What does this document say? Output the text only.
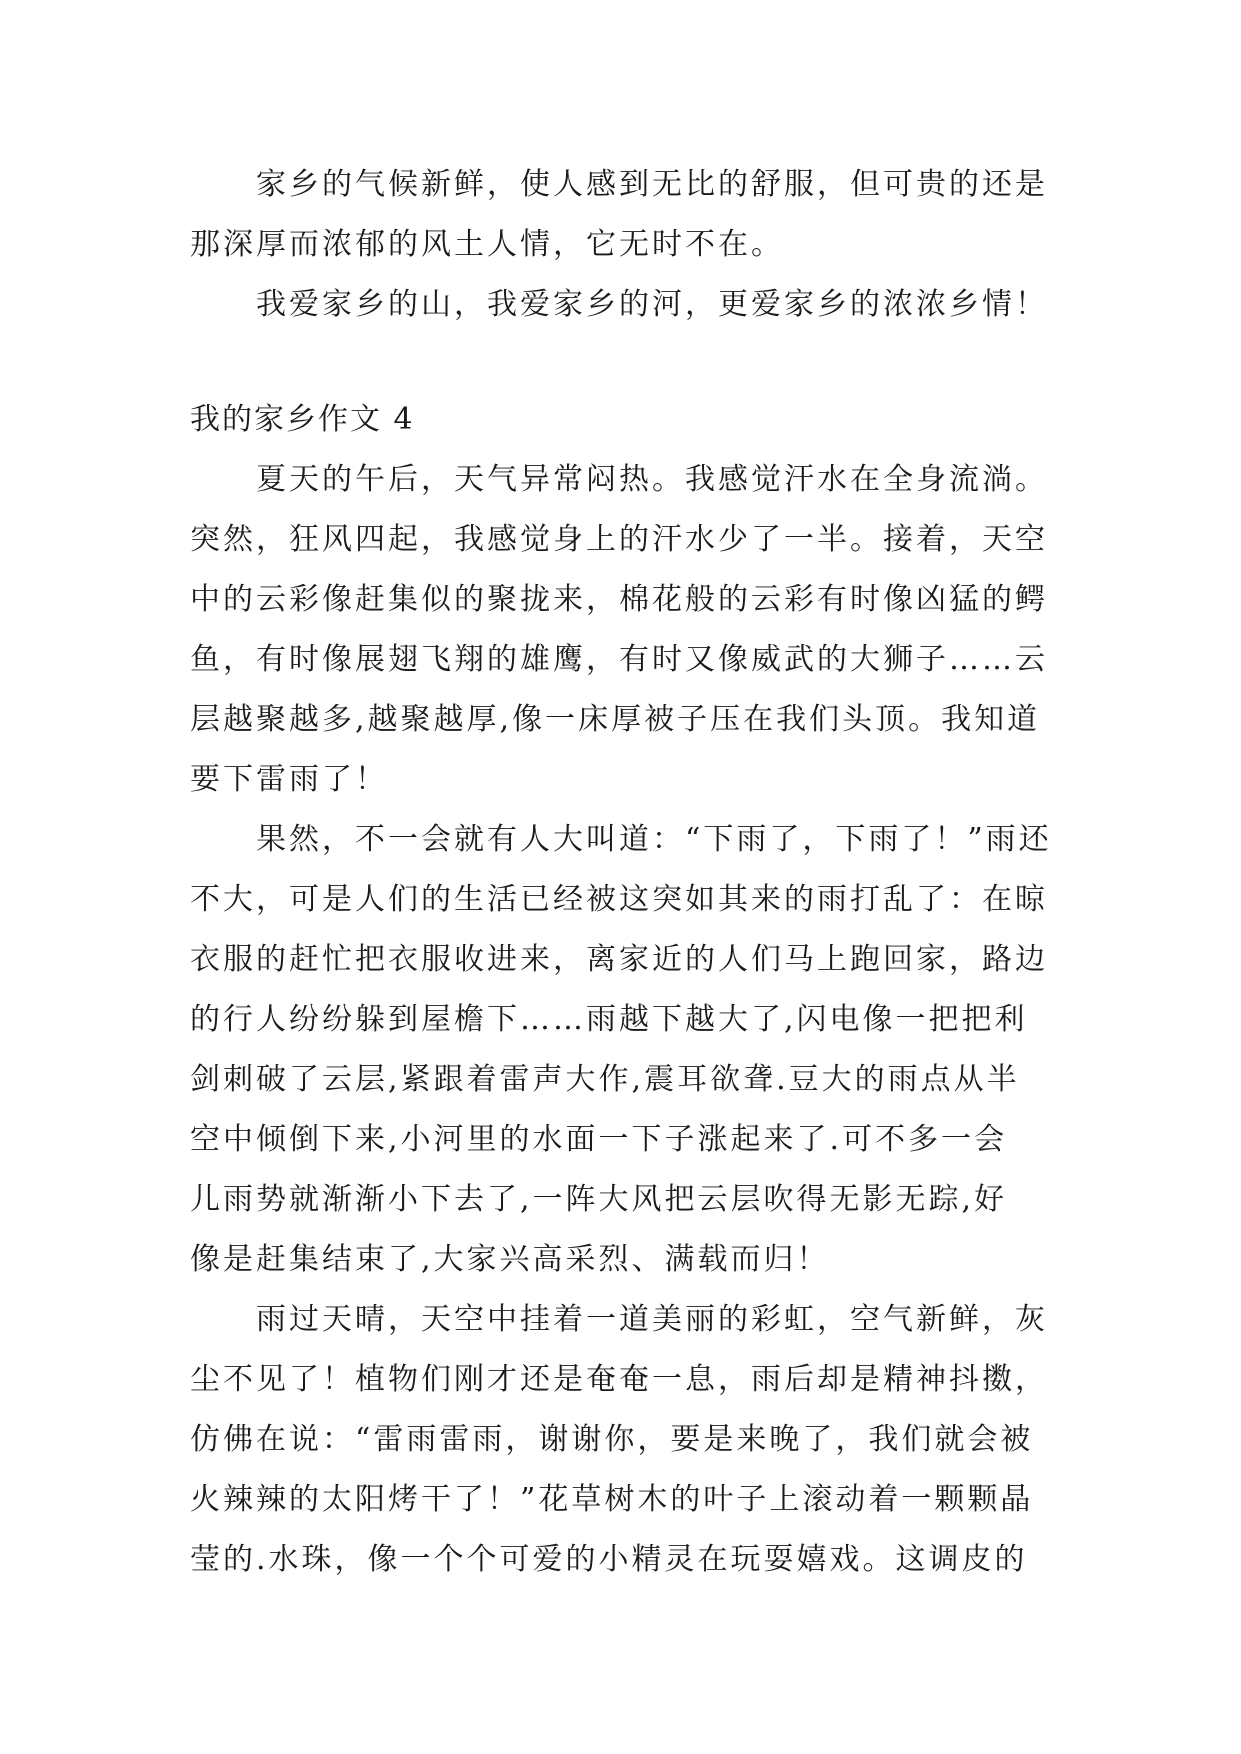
家乡的气候新鲜，使人感到无比的舒服，但可贵的还是
那深厚而浓郁的风土人情，它无时不在。
我爱家乡的山，我爱家乡的河，更爱家乡的浓浓乡情！
我的家乡作文 4
夏天的午后，天气异常闷热。我感觉汗水在全身流淌。
突然，狂风四起，我感觉身上的汗水少了一半。接着，天空
中的云彩像赶集似的聚拢来，棉花般的云彩有时像凶猛的鳄
鱼，有时像展翅飞翔的雄鹰，有时又像威武的大狮子……云
层越聚越多,越聚越厚,像一床厚被子压在我们头顶。我知道
要下雷雨了！
果然，不一会就有人大叫道：“下雨了，下雨了！”雨还
不大，可是人们的生活已经被这突如其来的雨打乱了：在晾
衣服的赶忙把衣服收进来，离家近的人们马上跑回家，路边
的行人纷纷躲到屋檐下……雨越下越大了,闪电像一把把利
剑刺破了云层,紧跟着雷声大作,震耳欲聋.豆大的雨点从半
空中倾倒下来,小河里的水面一下子涨起来了.可不多一会
儿雨势就渐渐小下去了,一阵大风把云层吹得无影无踪,好
像是赶集结束了,大家兴高采烈、满载而归！
雨过天晴，天空中挂着一道美丽的彩虹，空气新鲜，灰
尘不见了！植物们刚才还是奄奄一息，雨后却是精神抖擞，
仿佛在说：“雷雨雷雨，谢谢你，要是来晚了，我们就会被
火辣辣的太阳烤干了！”花草树木的叶子上滚动着一颗颗晶
莹的.水珠，像一个个可爱的小精灵在玩耍嬉戏。这调皮的
